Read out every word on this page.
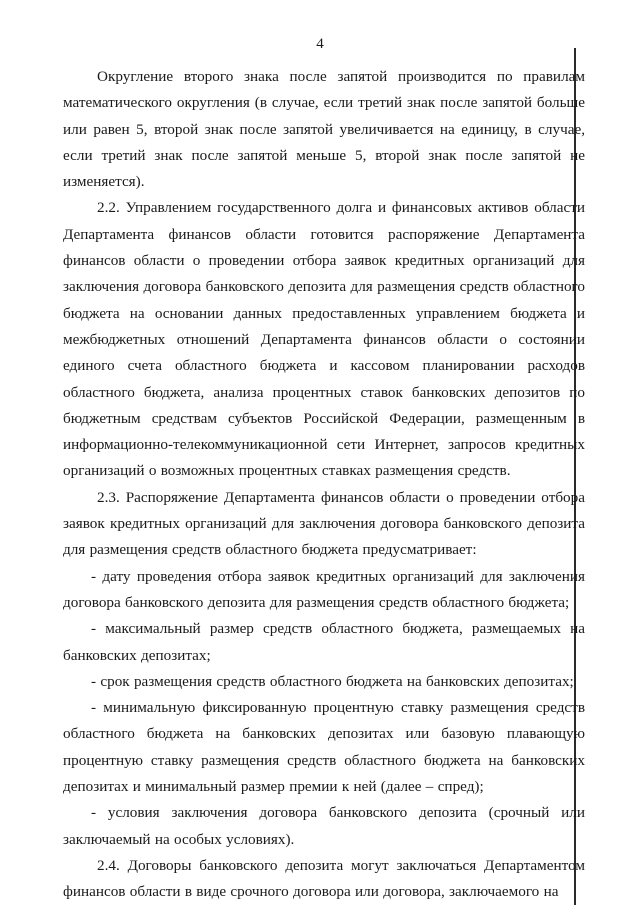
4

Округление второго знака после запятой производится по правилам математического округления (в случае, если третий знак после запятой больше или равен 5, второй знак после запятой увеличивается на единицу, в случае, если третий знак после запятой меньше 5, второй знак после запятой не изменяется).

2.2. Управлением государственного долга и финансовых активов области Департамента финансов области готовится распоряжение Департамента финансов области о проведении отбора заявок кредитных организаций для заключения договора банковского депозита для размещения средств областного бюджета на основании данных предоставленных управлением бюджета и межбюджетных отношений Департамента финансов области о состоянии единого счета областного бюджета и кассовом планировании расходов областного бюджета, анализа процентных ставок банковских депозитов по бюджетным средствам субъектов Российской Федерации, размещенным в информационно-телекоммуникационной сети Интернет, запросов кредитных организаций о возможных процентных ставках размещения средств.

2.3. Распоряжение Департамента финансов области о проведении отбора заявок кредитных организаций для заключения договора банковского депозита для размещения средств областного бюджета предусматривает:

- дату проведения отбора заявок кредитных организаций для заключения договора банковского депозита для размещения средств областного бюджета;

- максимальный размер средств областного бюджета, размещаемых на банковских депозитах;

- срок размещения средств областного бюджета на банковских депозитах;

- минимальную фиксированную процентную ставку размещения средств областного бюджета на банковских депозитах или базовую плавающую процентную ставку размещения средств областного бюджета на банковских депозитах и минимальный размер премии к ней (далее – спред);

- условия заключения договора банковского депозита (срочный или заключаемый на особых условиях).

2.4. Договоры банковского депозита могут заключаться Департаментом финансов области в виде срочного договора или договора, заключаемого на
